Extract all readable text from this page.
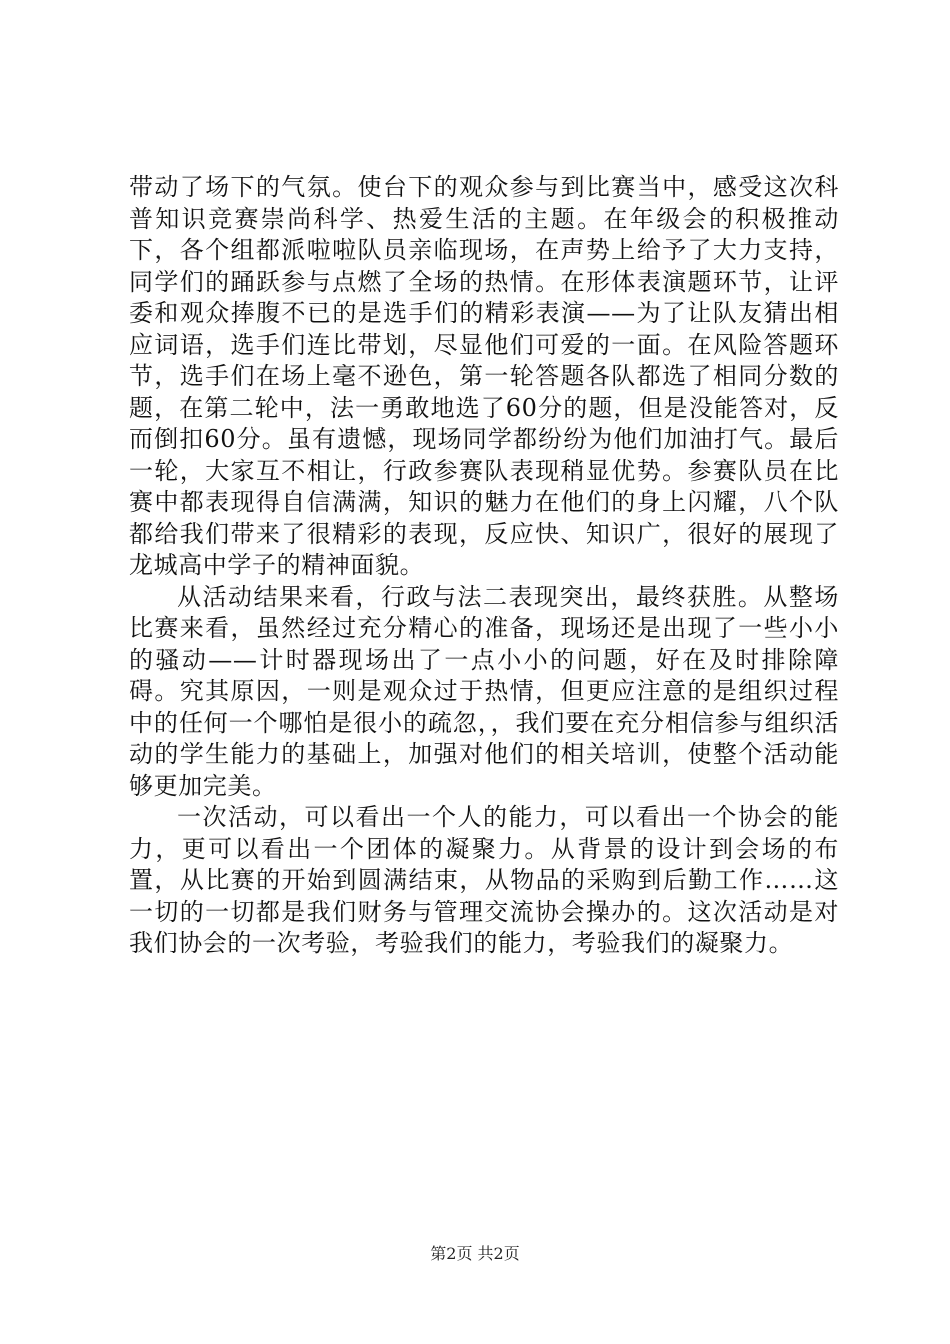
带动了场下的气氛。使台下的观众参与到比赛当中，感受这次科普知识竞赛崇尚科学、热爱生活的主题。在年级会的积极推动下，各个组都派啦啦队员亲临现场，在声势上给予了大力支持，同学们的踊跃参与点燃了全场的热情。在形体表演题环节，让评委和观众捧腹不已的是选手们的精彩表演——为了让队友猜出相应词语，选手们连比带划，尽显他们可爱的一面。在风险答题环节，选手们在场上毫不逊色，第一轮答题各队都选了相同分数的题，在第二轮中，法一勇敢地选了60分的题，但是没能答对，反而倒扣60分。虽有遗憾，现场同学都纷纷为他们加油打气。最后一轮，大家互不相让，行政参赛队表现稍显优势。参赛队员在比赛中都表现得自信满满，知识的魅力在他们的身上闪耀，八个队都给我们带来了很精彩的表现，反应快、知识广，很好的展现了龙城高中学子的精神面貌。

从活动结果来看，行政与法二表现突出，最终获胜。从整场比赛来看，虽然经过充分精心的准备，现场还是出现了一些小小的骚动——计时器现场出了一点小小的问题，好在及时排除障碍。究其原因，一则是观众过于热情，但更应注意的是组织过程中的任何一个哪怕是很小的疏忽，，我们要在充分相信参与组织活动的学生能力的基础上，加强对他们的相关培训，使整个活动能够更加完美。

一次活动，可以看出一个人的能力，可以看出一个协会的能力，更可以看出一个团体的凝聚力。从背景的设计到会场的布置，从比赛的开始到圆满结束，从物品的采购到后勤工作……这一切的一切都是我们财务与管理交流协会操办的。这次活动是对我们协会的一次考验，考验我们的能力，考验我们的凝聚力。

第2页 共2页
